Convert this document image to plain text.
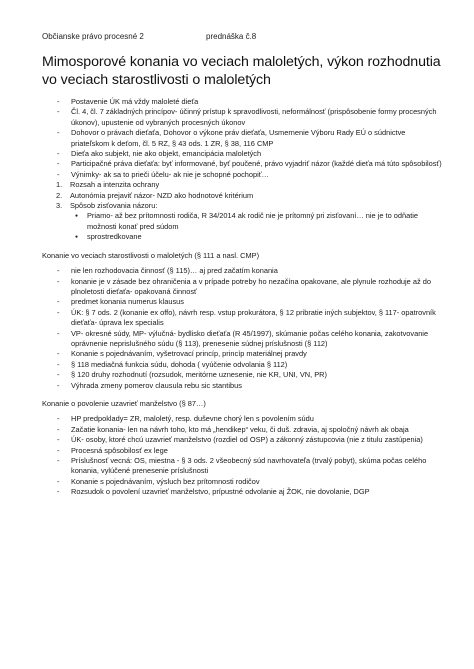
Občianske právo procesné 2	prednáška č.8
Mimosporové konania vo veciach maloletých, výkon rozhodnutia vo veciach starostlivosti o maloletých
- Postavenie ÚK má vždy maloleté dieťa
- Čl. 4, čl. 7 základných princípov- účinný prístup k spravodlivosti, neformálnosť (prispôsobenie formy procesných úkonov), upustenie od vybraných procesných úkonov
- Dohovor o právach dieťaťa, Dohovor o výkone práv dieťaťa, Usmernenie Výboru Rady EÚ o súdnictve priateľskom k deťom, čl. 5 RZ, § 43 ods. 1 ZR, § 38, 116 CMP
- Dieťa ako subjekt, nie ako objekt, emancipácia maloletých
- Participačné práva dieťaťa: byť informované, byť poučené, právo vyjadriť názor (každé dieťa má túto spôsobilosť)
- Výnimky- ak sa to prieči účelu- ak nie je schopné pochopiť…
1. Rozsah a intenzita ochrany
2. Autonómia prejaviť názor- NZD ako hodnotové kritérium
3. Spôsob zisťovania názoru:
● Priamo- až bez prítomnosti rodiča, R 34/2014 ak rodič nie je prítomný pri zisťovaní… nie je to odňatie možnosti konať pred súdom
● sprostredkovane
Konanie vo veciach starostlivosti o maloletých (§ 111 a nasl. CMP)
- nie len rozhodovacia činnosť (§ 115)… aj pred začatím konania
- konanie je v zásade bez ohraničenia a v prípade potreby ho nezačína opakovane, ale plynule rozhoduje až do plnoletosti dieťaťa- opakovaná činnosť
- predmet konania numerus klausus
- ÚK: § 7 ods. 2 (konanie ex offo), návrh resp. vstup prokurátora, § 12 pribratie iných subjektov, § 117- opatrovník dieťaťa- úprava lex specialis
- VP- okresné súdy, MP- výlučná- bydlisko dieťaťa (R 45/1997), skúmanie počas celého konania, zakotvovanie oprávnenie neprislušného súdu (§ 113), prenesenie súdnej príslušnosti (§ 112)
- Konanie s pojednávaním, vyšetrovací princíp, princíp materiálnej pravdy
- § 118 mediačná funkcia súdu, dohoda ( vyúčenie odvolania § 112)
- § 120 druhy rozhodnutí (rozsudok, meritórne uznesenie, nie KR, UNI, VN, PR)
- Výhrada zmeny pomerov clausula rebu sic stantibus
Konanie o povolenie uzavrieť manželstvo (§ 87…)
- HP predpoklady= ZR, maloletý, resp. duševne chorý len s povolením súdu
- Začatie konania- len na návrh toho, kto má „hendikep“ veku, či duš. zdravia, aj spoločný návrh ak obaja
- ÚK- osoby, ktoré chcú uzavrieť manželstvo (rozdiel od OSP) a zákonný zástupcovia (nie z titulu zastúpenia)
- Procesná spôsobilosť ex lege
- Príslušnosť vecná: OS, miestna - § 3 ods. 2 všeobecný súd navrhovateľa (trvalý pobyt), skúma počas celého konania, vylúčené prenesenie príslušnosti
- Konanie s pojednávaním, výsluch bez prítomnosti rodičov
- Rozsudok o povolení uzavrieť manželstvo, prípustné odvolanie aj ŽOK, nie dovolanie, DGP
